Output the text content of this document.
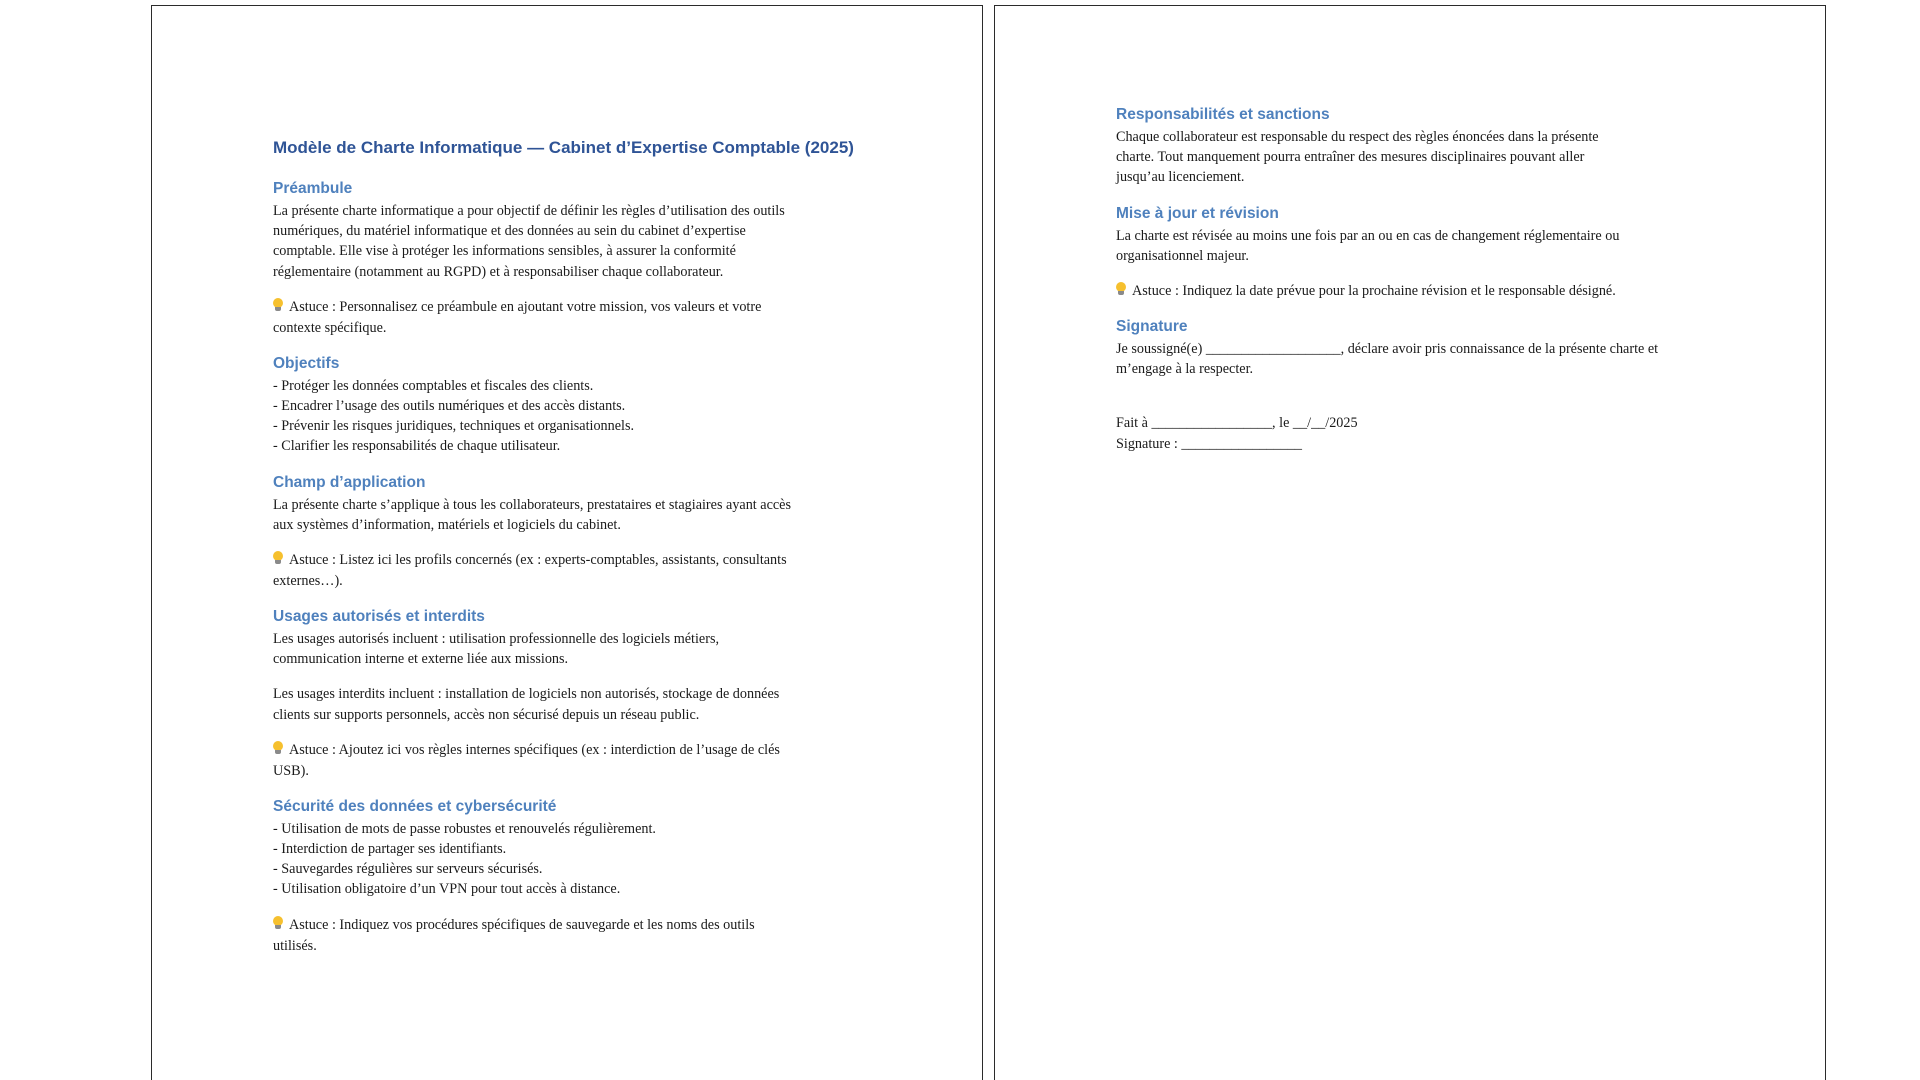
Modèle de Charte Informatique — Cabinet d’Expertise Comptable (2025)
Préambule
La présente charte informatique a pour objectif de définir les règles d’utilisation des outils
numériques, du matériel informatique et des données au sein du cabinet d’expertise
comptable. Elle vise à protéger les informations sensibles, à assurer la conformité
réglementaire (notamment au RGPD) et à responsabiliser chaque collaborateur.
Astuce : Personnalisez ce préambule en ajoutant votre mission, vos valeurs et votre
contexte spécifique.
Objectifs
- Protéger les données comptables et fiscales des clients.
- Encadrer l’usage des outils numériques et des accès distants.
- Prévenir les risques juridiques, techniques et organisationnels.
- Clarifier les responsabilités de chaque utilisateur.
Champ d’application
La présente charte s’applique à tous les collaborateurs, prestataires et stagiaires ayant accès
aux systèmes d’information, matériels et logiciels du cabinet.
Astuce : Listez ici les profils concernés (ex : experts-comptables, assistants, consultants
externes…).
Usages autorisés et interdits
Les usages autorisés incluent : utilisation professionnelle des logiciels métiers,
communication interne et externe liée aux missions.
Les usages interdits incluent : installation de logiciels non autorisés, stockage de données
clients sur supports personnels, accès non sécurisé depuis un réseau public.
Astuce : Ajoutez ici vos règles internes spécifiques (ex : interdiction de l’usage de clés
USB).
Sécurité des données et cybersécurité
- Utilisation de mots de passe robustes et renouvelés régulièrement.
- Interdiction de partager ses identifiants.
- Sauvegardes régulières sur serveurs sécurisés.
- Utilisation obligatoire d’un VPN pour tout accès à distance.
Astuce : Indiquez vos procédures spécifiques de sauvegarde et les noms des outils
utilisés.
Responsabilités et sanctions
Chaque collaborateur est responsable du respect des règles énoncées dans la présente
charte. Tout manquement pourra entraîner des mesures disciplinaires pouvant aller
jusqu’au licenciement.
Mise à jour et révision
La charte est révisée au moins une fois par an ou en cas de changement réglementaire ou
organisationnel majeur.
Astuce : Indiquez la date prévue pour la prochaine révision et le responsable désigné.
Signature
Je soussigné(e) ___________________, déclare avoir pris connaissance de la présente charte et
m’engage à la respecter.
Fait à _________________, le __/__/2025
Signature : _________________
